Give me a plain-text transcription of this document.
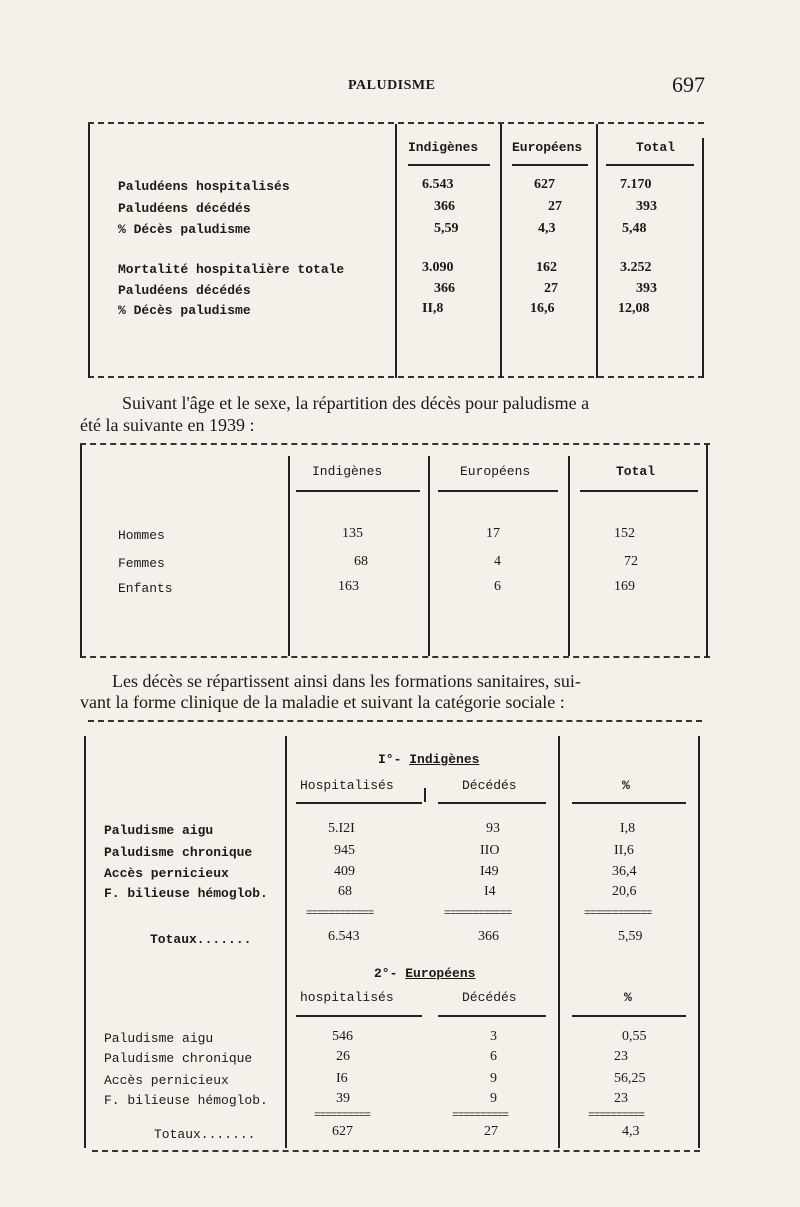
PALUDISME	697
Indigènes	Européens	Total
Paludéens hospitalisés	6.543	627	7.170
Paludéens décédés	366	27	393
% Décès paludisme	5,59	4,3	5,48
Mortalité hospitalière totale	3.090	162	3.252
Paludéens décédés	366	27	393
% Décès paludisme	II,8	16,6	12,08
Suivant l'âge et le sexe, la répartition des décès pour paludisme a
été la suivante en 1939 :
Indigènes	Européens	Total
Hommes	135	17	152
Femmes	68	4	72
Enfants	163	6	169
Les décès se répartissent ainsi dans les formations sanitaires, sui-
vant la forme clinique de la maladie et suivant la catégorie sociale :
I°- Indigènes
Hospitalisés	Décédés	%
Paludisme aigu	5.I2I	93	I,8
Paludisme chronique	945	IIO	II,6
Accès pernicieux	409	I49	36,4
F. bilieuse hémoglob.	68	I4	20,6
============	============	============
Totaux.......	6.543	366	5,59
2°- Européens
hospitalisés	Décédés	%
Paludisme aigu	546	3	0,55
Paludisme chronique	26	6	23
Accès pernicieux	I6	9	56,25
F. bilieuse hémoglob.	39	9	23
==========	==========	==========
Totaux.......	627	27	4,3
